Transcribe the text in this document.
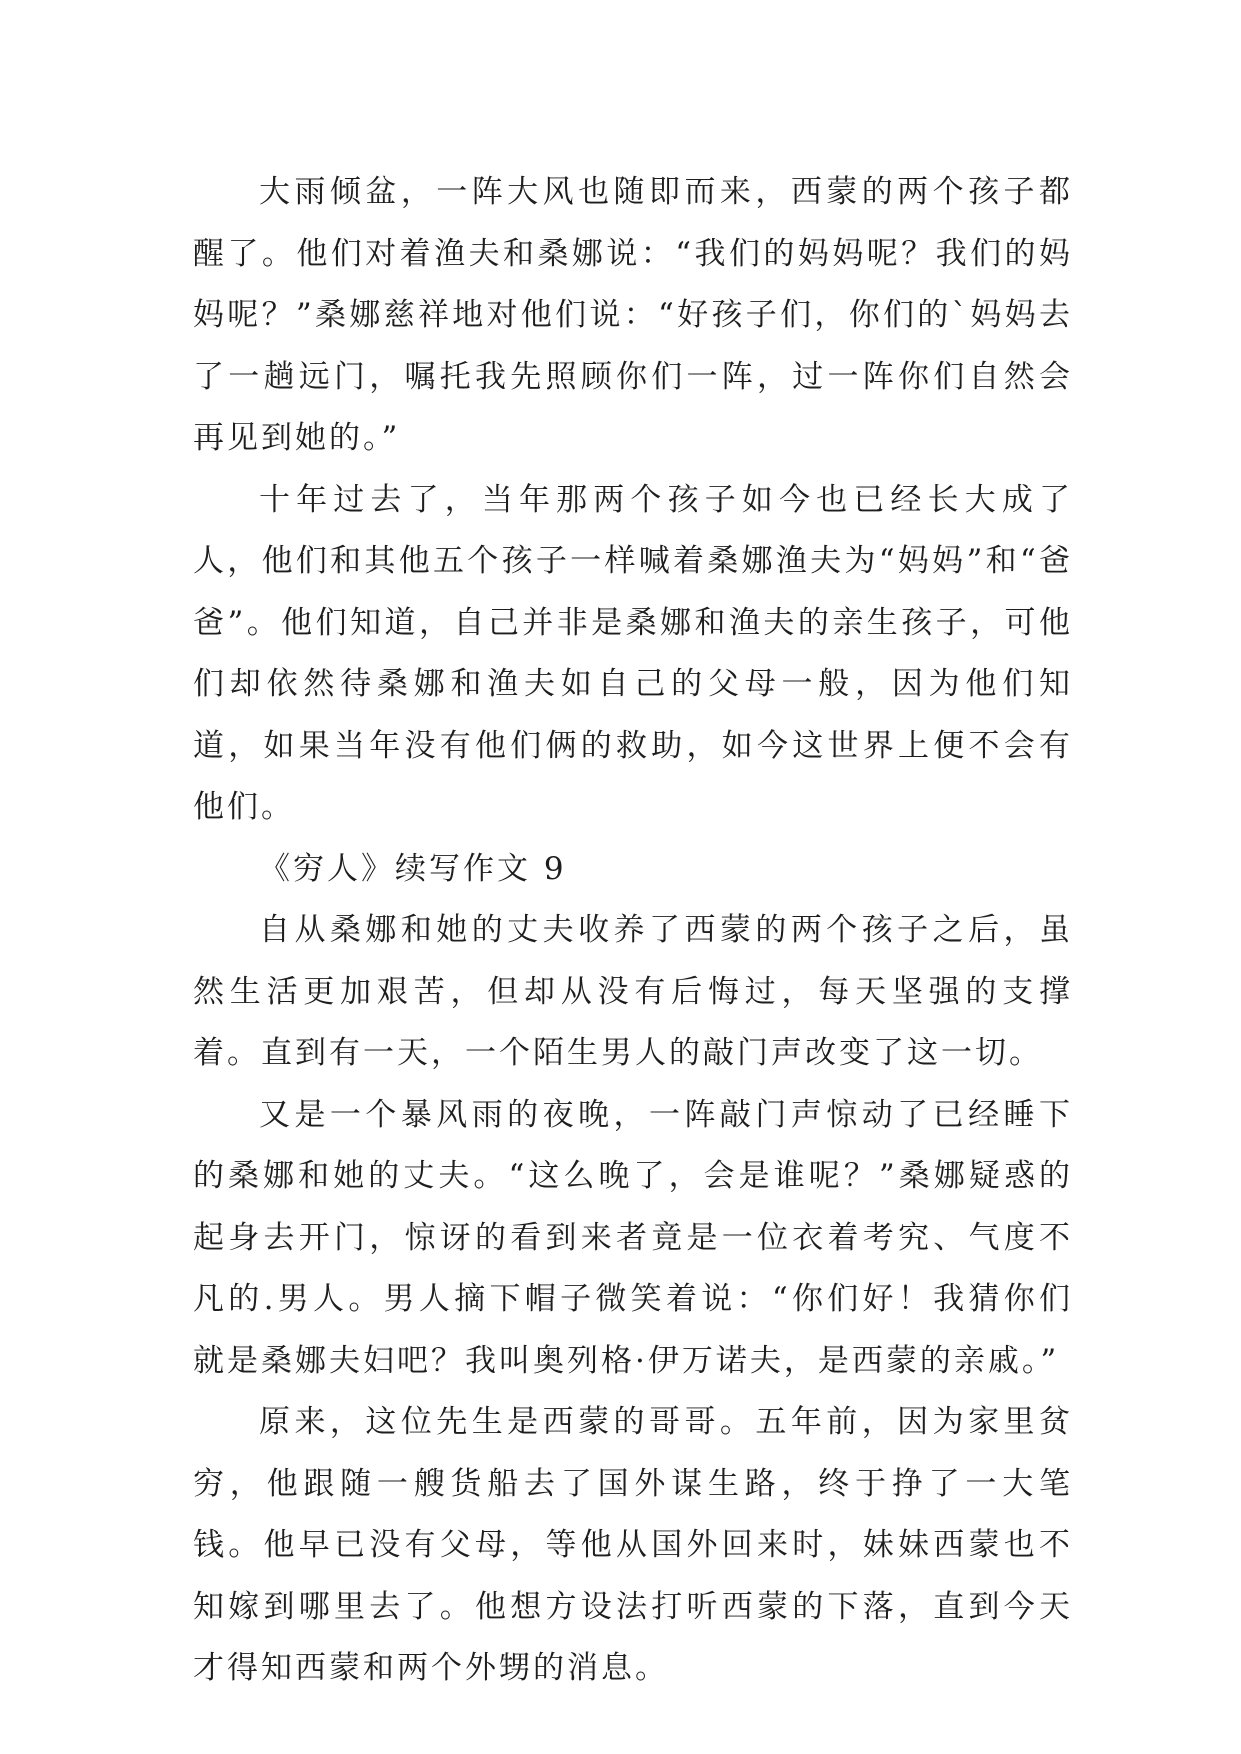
大雨倾盆，一阵大风也随即而来，西蒙的两个孩子都醒了。他们对着渔夫和桑娜说：“我们的妈妈呢？我们的妈妈呢？”桑娜慈祥地对他们说：“好孩子们，你们的`妈妈去了一趟远门，嘱托我先照顾你们一阵，过一阵你们自然会再见到她的。”

十年过去了，当年那两个孩子如今也已经长大成了人，他们和其他五个孩子一样喊着桑娜渔夫为“妈妈”和“爸爸”。他们知道，自己并非是桑娜和渔夫的亲生孩子，可他们却依然待桑娜和渔夫如自己的父母一般，因为他们知道，如果当年没有他们俩的救助，如今这世界上便不会有他们。

《穷人》续写作文 9

自从桑娜和她的丈夫收养了西蒙的两个孩子之后，虽然生活更加艰苦，但却从没有后悔过，每天坚强的支撑着。直到有一天，一个陌生男人的敲门声改变了这一切。

又是一个暴风雨的夜晚，一阵敲门声惊动了已经睡下的桑娜和她的丈夫。“这么晚了，会是谁呢？”桑娜疑惑的起身去开门，惊讶的看到来者竟是一位衣着考究、气度不凡的.男人。男人摘下帽子微笑着说：“你们好！我猜你们就是桑娜夫妇吧？我叫奥列格·伊万诺夫，是西蒙的亲戚。”

原来，这位先生是西蒙的哥哥。五年前，因为家里贫穷，他跟随一艘货船去了国外谋生路，终于挣了一大笔钱。他早已没有父母，等他从国外回来时，妹妹西蒙也不知嫁到哪里去了。他想方设法打听西蒙的下落，直到今天才得知西蒙和两个外甥的消息。
